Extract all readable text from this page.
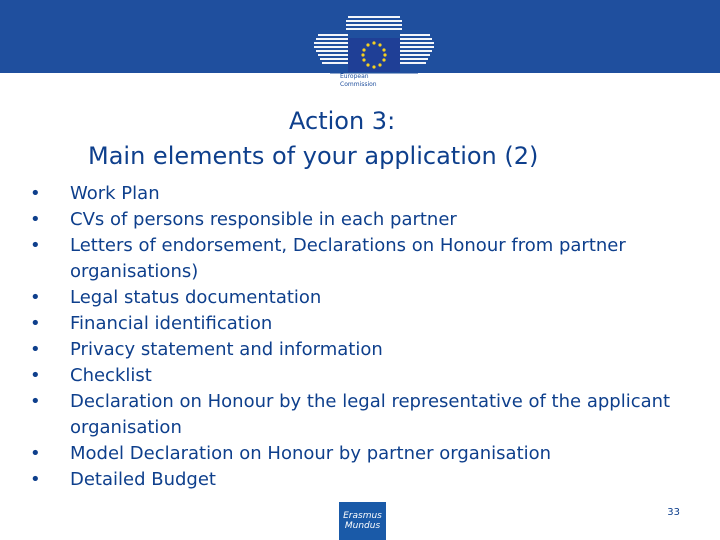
European
Commission
Action 3:
Main elements of your application (2)
•	Work Plan
•	CVs of persons responsible in each partner
•	Letters of endorsement, Declarations on Honour from partner organisations)
•	Legal status documentation
•	Financial identification
•	Privacy statement and information
•	Checklist
•	Declaration on Honour by the legal representative of the applicant organisation
•	Model Declaration on Honour by partner organisation
•	Detailed Budget
Erasmus
Mundus
33
